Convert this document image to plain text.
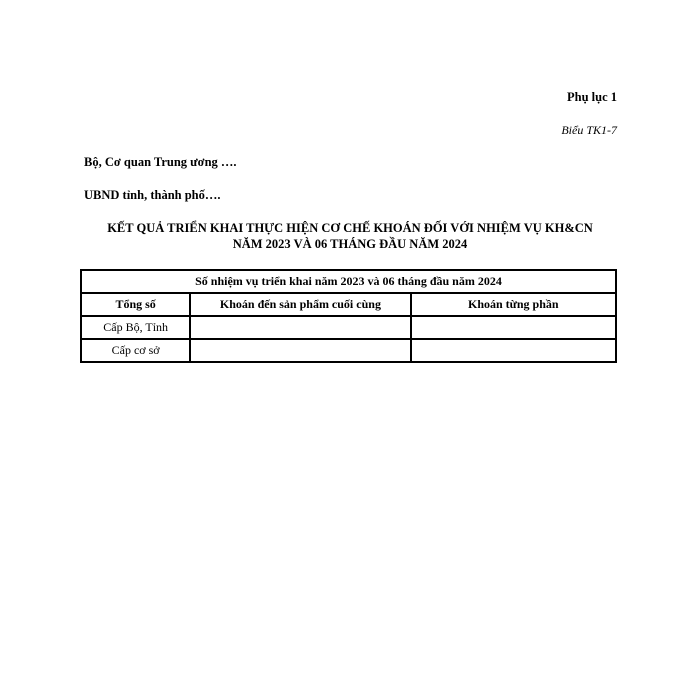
Phụ lục 1
Biểu TK1-7
Bộ, Cơ quan Trung ương ….
UBND tỉnh, thành phố….
KẾT QUẢ TRIỂN KHAI THỰC HIỆN CƠ CHẾ KHOÁN ĐỐI VỚI NHIỆM VỤ KH&CN
NĂM 2023 VÀ 06 THÁNG ĐẦU NĂM 2024
Số nhiệm vụ triển khai năm 2023 và 06 tháng đầu năm 2024		
Tổng số	Khoán đến sản phẩm cuối cùng	Khoán từng phần
Cấp Bộ, Tỉnh		
Cấp cơ sở		
